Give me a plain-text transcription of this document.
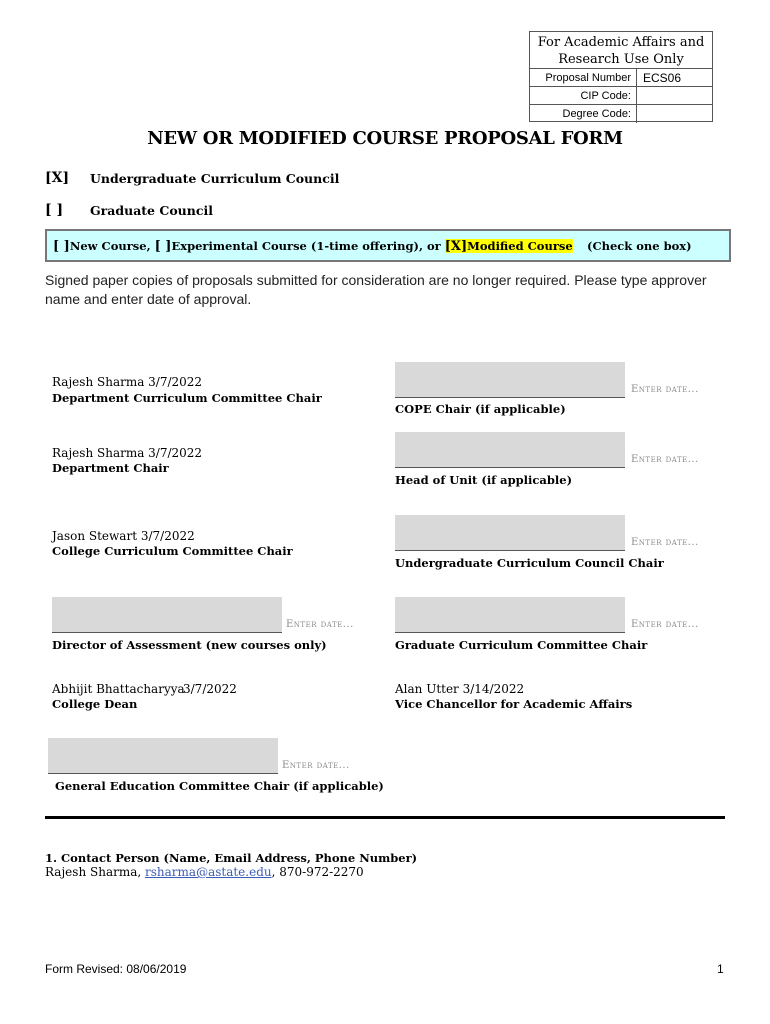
For Academic Affairs and Research Use Only
Proposal Number	ECS06
CIP Code:
Degree Code:
NEW OR MODIFIED COURSE PROPOSAL FORM
[X] Undergraduate Curriculum Council
[ ] Graduate Council
[ ]New Course, [ ]Experimental Course (1-time offering), or [X]Modified Course (Check one box)
Signed paper copies of proposals submitted for consideration are no longer required. Please type approver name and enter date of approval.
Rajesh Sharma 3/7/2022
Department Curriculum Committee Chair
Rajesh Sharma 3/7/2022
Department Chair
Jason Stewart 3/7/2022
College Curriculum Committee Chair
Enter date...
Director of Assessment (new courses only)
Abhijit Bhattacharyya
3/7/2022
College Dean
Enter date...
General Education Committee Chair (if applicable)
Enter date...
COPE Chair (if applicable)
Enter date...
Head of Unit (if applicable)
Enter date...
Undergraduate Curriculum Council Chair
Enter date...
Graduate Curriculum Committee Chair
Alan Utter 3/14/2022
Vice Chancellor for Academic Affairs
1. Contact Person (Name, Email Address, Phone Number)
Rajesh Sharma, rsharma@astate.edu, 870-972-2270
Form Revised: 08/06/2019	1
